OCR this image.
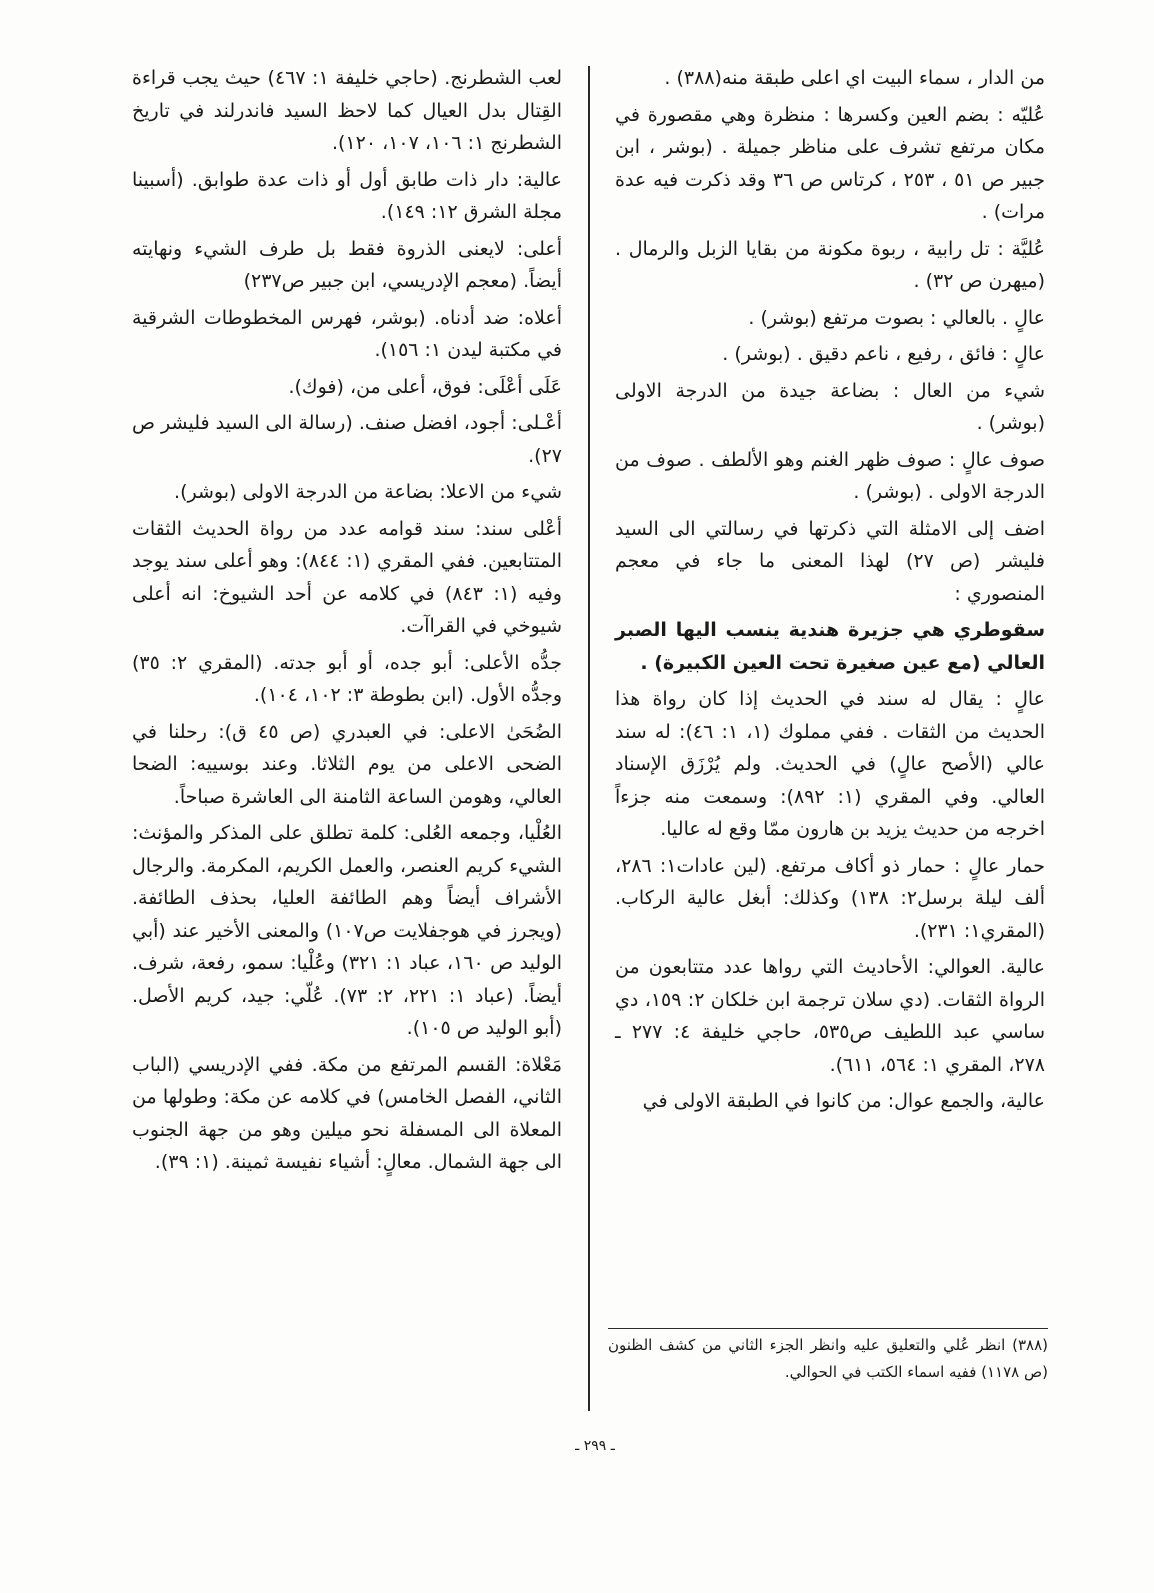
من الدار ، سماء البيت اي اعلى طبقة منه(٣٨٨) .

عُليّه : بضم العين وكسرها : منظرة وهي مقصورة في مكان مرتفع تشرف على مناظر جميلة . (بوشر ، ابن جبير ص ٥١ ، ٢٥٣ ، كرتاس ص ٣٦ وقد ذكرت فيه عدة مرات) .

عُليَّة : تل رابية ، ربوة مكونة من بقايا الزبل والرمال . (ميهرن ص ٣٢) .

عالٍ . بالعالي : بصوت مرتفع (بوشر) .

عالٍ : فائق ، رفيع ، ناعم دقيق . (بوشر) .

شيء من العال : بضاعة جيدة من الدرجة الاولى (بوشر) .

صوف عالٍ : صوف ظهر الغنم وهو الألطف . صوف من الدرجة الاولى . (بوشر) .

اضف إلى الامثلة التي ذكرتها في رسالتي الى السيد فليشر (ص ٢٧) لهذا المعنى ما جاء في معجم المنصوري :

سقوطري هي جزيرة هندية ينسب اليها الصبر العالي (مع عين صغيرة تحت العين الكبيرة) .

عالٍ : يقال له سند في الحديث إذا كان رواة هذا الحديث من الثقات . ففي مملوك (١، ١: ٤٦): له سند عالي (الأصح عالٍ) في الحديث. ولم يُرْزَق الإسناد العالي. وفي المقري (١: ٨٩٢): وسمعت منه جزءاً اخرجه من حديث يزيد بن هارون ممّا وقع له عاليا.

حمار عالٍ : حمار ذو أكاف مرتفع. (لين عادات١: ٢٨٦، ألف ليلة برسل٢: ١٣٨) وكذلك: أبغل عالية الركاب. (المقري١: ٢٣١).

عالية. العوالي: الأحاديث التي رواها عدد متتابعون من الرواة الثقات. (دي سلان ترجمة ابن خلكان ٢: ١٥٩، دي ساسي عبد اللطيف ص٥٣٥، حاجي خليفة ٤: ٢٧٧ ـ ٢٧٨، المقري ١: ٥٦٤، ٦١١).

عالية، والجمع عوال: من كانوا في الطبقة الاولى في

لعب الشطرنج. (حاجي خليفة ١: ٤٦٧) حيث يجب قراءة القِتال بدل العيال كما لاحظ السيد فاندرلند في تاريخ الشطرنج ١: ١٠٦، ١٠٧، ١٢٠).

عالية: دار ذات طابق أول أو ذات عدة طوابق. (أسبينا مجلة الشرق ١٢: ١٤٩).

أعلى: لايعنى الذروة فقط بل طرف الشيء ونهايته أيضاً. (معجم الإدريسي، ابن جبير ص٢٣٧)

أعلاه: ضد أدناه. (بوشر، فهرس المخطوطات الشرقية في مكتبة ليدن ١: ١٥٦).

عَلَى أعْلَى: فوق، أعلى من، (فوك).

أعْـلى: أجود، افضل صنف. (رسالة الى السيد فليشر ص ٢٧).

شيء من الاعلا: بضاعة من الدرجة الاولى (بوشر).

أعْلى سند: سند قوامه عدد من رواة الحديث الثقات المتتابعين. ففي المقري (١: ٨٤٤): وهو أعلى سند يوجد وفيه (١: ٨٤٣) في كلامه عن أحد الشيوخ: انه أعلى شيوخي في القراآت.

جدُّه الأعلى: أبو جده، أو أبو جدته. (المقري ٢: ٣٥) وجدُّه الأول. (ابن بطوطة ٣: ١٠٢، ١٠٤).

الضُحَىٰ الاعلى: في العبدري (ص ٤٥ ق): رحلنا في الضحى الاعلى من يوم الثلاثا. وعند بوسييه: الضحا العالي، وهومن الساعة الثامنة الى العاشرة صباحاً.

العُلْيا، وجمعه العُلى: كلمة تطلق على المذكر والمؤنث: الشيء كريم العنصر، والعمل الكريم، المكرمة. والرجال الأشراف أيضاً وهم الطائفة العليا، بحذف الطائفة. (ويجرز في هوجفلايت ص١٠٧) والمعنى الأخير عند (أبي الوليد ص ١٦٠، عباد ١: ٣٢١) وعُلْيا: سمو، رفعة، شرف. أيضاً. (عباد ١: ٢٢١، ٢: ٧٣). عُلّي: جيد، كريم الأصل. (أبو الوليد ص ١٠٥).

مَعْلاة: القسم المرتفع من مكة. ففي الإدريسي (الباب الثاني، الفصل الخامس) في كلامه عن مكة: وطولها من المعلاة الى المسفلة نحو ميلين وهو من جهة الجنوب الى جهة الشمال. معالٍ: أشياء نفيسة ثمينة. (١: ٣٩).

(٣٨٨) انظر عُلي والتعليق عليه وانظر الجزء الثاني من كشف الظنون (ص ١١٧٨) ففيه اسماء الكتب في الحوالي.
ـ ٢٩٩ ـ
